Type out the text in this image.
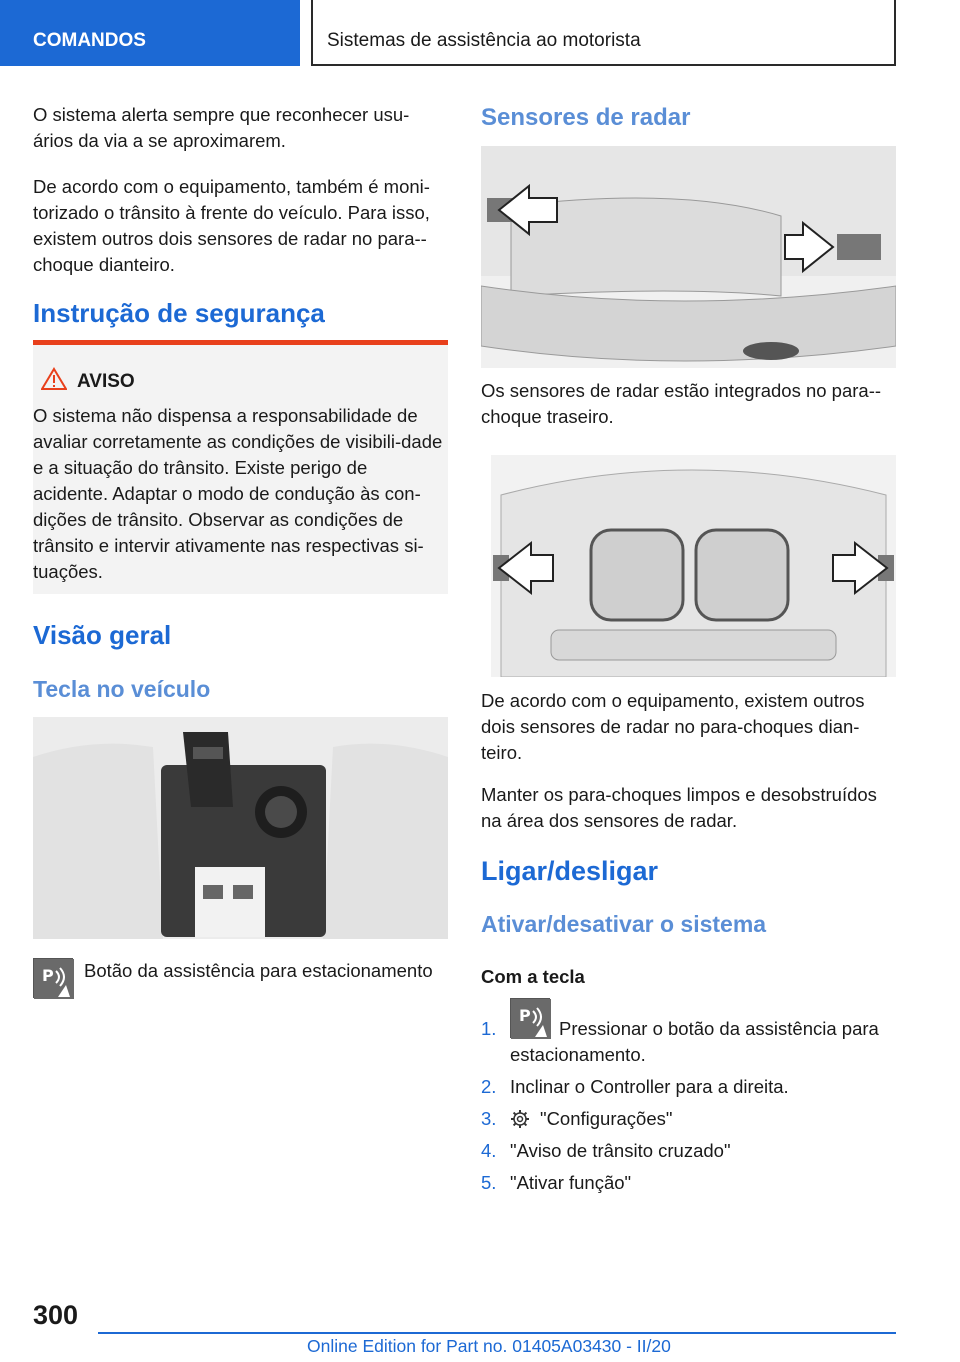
COMANDOS	Sistemas de assistência ao motorista
O sistema alerta sempre que reconhecer usu-ários da via a se aproximarem.
De acordo com o equipamento, também é moni-torizado o trânsito à frente do veículo. Para isso, existem outros dois sensores de radar no para--choque dianteiro.
Instrução de segurança
AVISO
O sistema não dispensa a responsabilidade de avaliar corretamente as condições de visibili-dade e a situação do trânsito. Existe perigo de acidente. Adaptar o modo de condução às con-dições de trânsito. Observar as condições de trânsito e intervir ativamente nas respectivas si-tuações.
Visão geral
Tecla no veículo
P Botão da assistência para estacionamento
Sensores de radar
Os sensores de radar estão integrados no para--choque traseiro.
De acordo com o equipamento, existem outros dois sensores de radar no para-choques dian-teiro.
Manter os para-choques limpos e desobstruídos na área dos sensores de radar.
Ligar/desligar
Ativar/desativar o sistema
Com a tecla
1.
P
Pressionar o botão da assistência para estacionamento.
2. Inclinar o Controller para a direita.
3. "Configurações"
4. "Aviso de trânsito cruzado"
5. "Ativar função"
300
Online Edition for Part no. 01405A03430 - II/20
